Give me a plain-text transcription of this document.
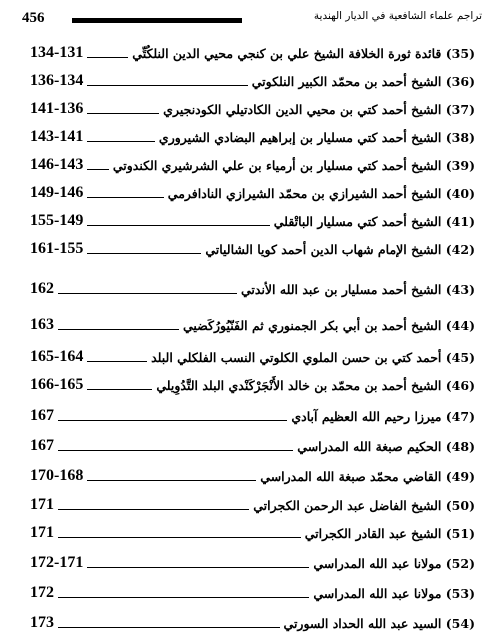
456	تراجم علماء الشافعية في الديار الهندية
134-131	(35) قائدة ثورة الخلافة الشيخ علي بن كنجي محيي الدين النلكُتِّي
136-134	(36) الشيخ أحمد بن محمّد الكبير النلكوتي
141-136	(37) الشيخ أحمد كتي بن محيي الدين الكادتيلي الكودنجيري
143-141	(38) الشيخ أحمد كتي مسليار بن إبراهيم البضادي الشيروري
146-143 (39) الشيخ أحمد كتي مسليار بن أرمياء بن علي الشرشيري الكندوتي
149-146	(40) الشيخ أحمد الشيرازي بن محمّد الشيرازي النادافرمي
155-149	(41) الشيخ أحمد كتي مسليار الباتْقلي
161-155	(42) الشيخ الإمام شهاب الدين أحمد كويا الشالياتي
162	(43) الشيخ أحمد مسليار بن عبد الله الأندتي
163	(44) الشيخ أحمد بن أبي بكر الجمنوري ثم الفَنّيُورُكَضيي
165-164	(45) أحمد كتي بن حسن الملوي الكلوتي النسب الفلكلي البلد
166-165	(46) الشيخ أحمد بن محمّد بن خالد الأَنْجَرْكَنْدي البلد التَّدُوِيلي
167	(47) ميرزا رحيم الله العظيم آبادي
167	(48) الحكيم صبغة الله المدراسي
170-168	(49) القاضي محمّد صبغة الله المدراسي
171	(50) الشيخ الفاضل عبد الرحمن الكجراتي
171	(51) الشيخ عبد القادر الكجراتي
172-171	(52) مولانا عبد الله المدراسي
172	(53) مولانا عبد الله المدراسي
173	(54) السيد عبد الله الحداد السورتي
